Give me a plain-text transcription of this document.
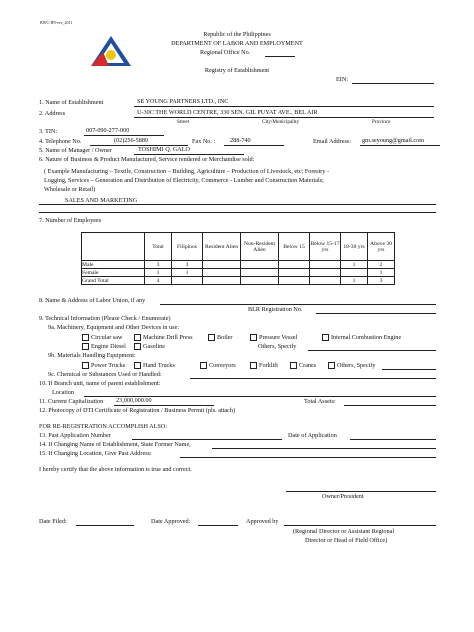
BWC-IP5-rev_2011
Republic of the Philippines
DEPARTMENT OF LABOR AND EMPLOYMENT
Regional Office No.
Registry of Establishment
EIN:
1. Name of Establishment	SE YOUNG PARTNERS LTD., INC
2. Address	U-30C THE WORLD CENTRE, 330 SEN. GIL PUYAT AVE., BEL AIR
Street	City/Municipality	Province
3. TIN:	007-090-277-000
4. Telephone No.	(02)256-5889	Fax No. : 288-740	Email Address: gm.seyoung@gmail.com
5. Name of Manager / Owner	TOSHIMI Q. GALO
6. Nature of Business & Product Manufactured, Service rendered or Merchandise sold:
( Example Manufacturing – Textile, Construction – Building, Agriculture – Production of Livestock, etc; Forestry -
Logging, Services – Generation and Distribution of Electricity, Commerce - Lumber and Construction Materials;
Wholesale or Retail)
SALES AND MARKETING
7. Number of Employees
	Total	Filipinos	Resident Alien	Non-Resident Alien	Below 15	Below 15-17 yrs	18-30 yrs	Above 30 yrs
Male	3	3					1	2
Female	1	1						1
Grand Total	4						1	3
8. Name & Address of Labor Union, if any
BLR Registration No.
9. Technical Information (Please Check / Enumerate)
9a. Machinery, Equipment and Other Devices in use:
Circular saw	Machine Drill Press	Boiler	Pressure Vessel	Internal Combustion Engine
Engine Diesel	Gasoline	Others, Specify
9b. Materials Handling Equipment:
Power Trucks	Hand Trucks	Conveyors	Forklift	Cranes	Others, Specify
9c. Chemical or Substances Used or Handled:
10. If Branch unit, name of parent establishment:
Location
11. Current Capitalization 23,000,000.00	Total Assets:
12. Photocopy of DTI Certificate of Registration / Business Permit (pls. attach)
FOR RE-REGISTRATION ACCOMPLISH ALSO:
13. Past Application Number	Date of Application
14. If Changing Name of Establishment, State Former Name,
15. If Changing Location, Give Past Address:
I hereby certify that the above information is true and correct.
Owner/President
Date Filed:	Date Approved:	Approved by
(Regional Director or Assistant Regional
Director or Head of Field Office)
